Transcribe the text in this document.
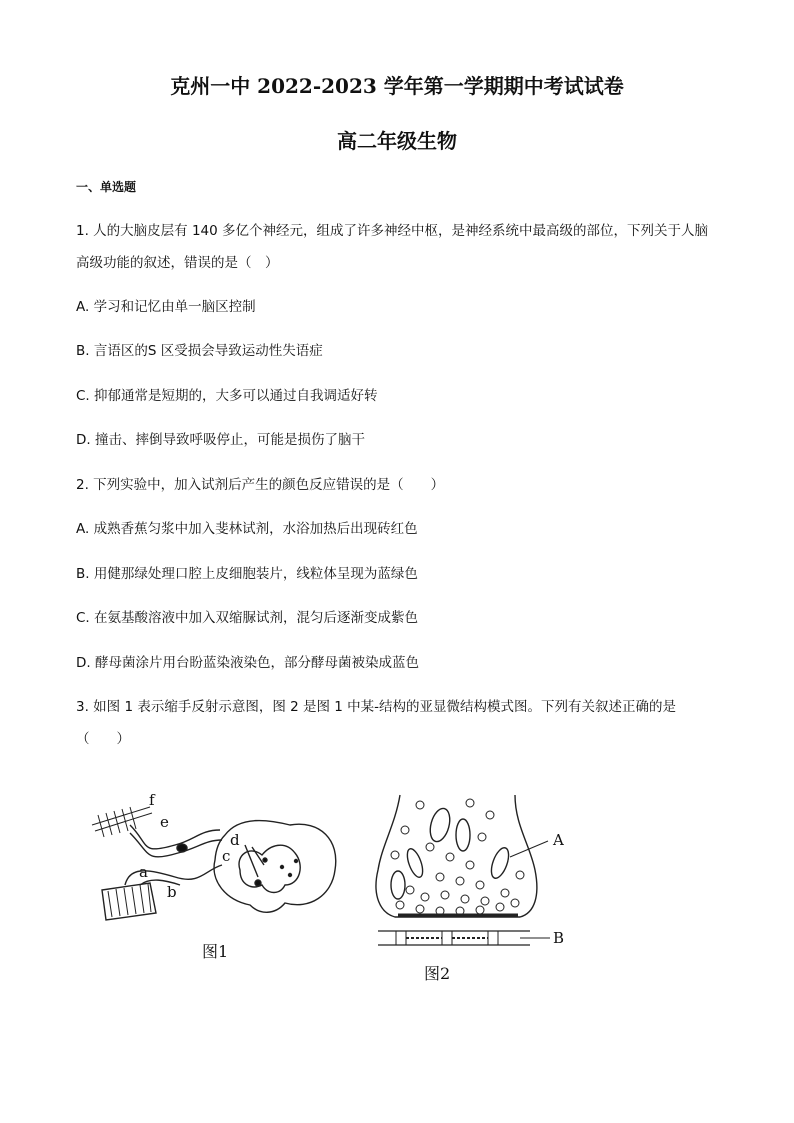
克州一中 2022-2023 学年第一学期期中考试试卷
高二年级生物
一、单选题
1. 人的大脑皮层有 140 多亿个神经元，组成了许多神经中枢，是神经系统中最高级的部位，下列关于人脑
高级功能的叙述，错误的是（　）
A. 学习和记忆由单一脑区控制
B. 言语区的S 区受损会导致运动性失语症
C. 抑郁通常是短期的，大多可以通过自我调适好转
D. 撞击、摔倒导致呼吸停止，可能是损伤了脑干
2. 下列实验中，加入试剂后产生的颜色反应错误的是（　　）
A. 成熟香蕉匀浆中加入斐林试剂，水浴加热后出现砖红色
B. 用健那绿处理口腔上皮细胞装片，线粒体呈现为蓝绿色
C. 在氨基酸溶液中加入双缩脲试剂，混匀后逐渐变成紫色
D. 酵母菌涂片用台盼蓝染液染色，部分酵母菌被染成蓝色
3. 如图 1 表示缩手反射示意图，图 2 是图 1 中某-结构的亚显微结构模式图。下列有关叙述正确的是
（　　）
f
e
d
c
a
b
图1
A
B
图2
